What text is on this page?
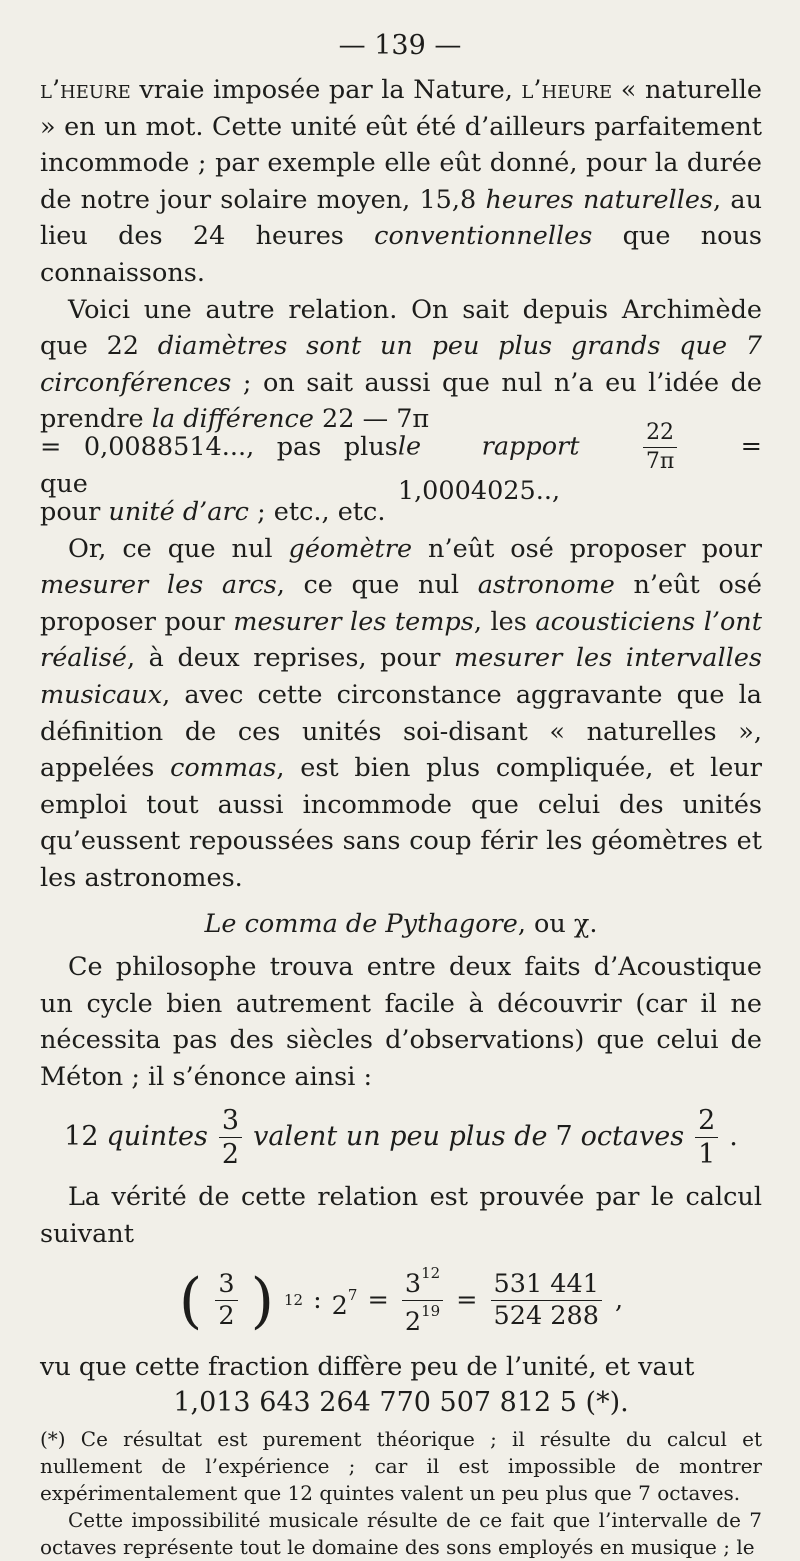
— 139 —

l’heure vraie imposée par la Nature, l’heure « naturelle » en un mot. Cette unité eût été d’ailleurs parfaitement incommode ; par exemple elle eût donné, pour la durée de notre jour solaire moyen, 15,8 heures naturelles, au lieu des 24 heures conventionnelles que nous connaissons.

Voici une autre relation. On sait depuis Archimède que 22 diamètres sont un peu plus grands que 7 circonférences ; on sait aussi que nul n’a eu l’idée de prendre la différence 22 — 7π

= 0,0088514..., pas plus que
le rapport	$\frac{22}{7\pi} = 1,0004025$..,

pour unité d’arc ; etc., etc.

Or, ce que nul géomètre n’eût osé proposer pour mesurer les arcs, ce que nul astronome n’eût osé proposer pour mesurer les temps, les acousticiens l’ont réalisé, à deux reprises, pour mesurer les intervalles musicaux, avec cette circonstance aggravante que la définition de ces unités soi-disant « naturelles », appelées commas, est bien plus compliquée, et leur emploi tout aussi incommode que celui des unités qu’eussent repoussées sans coup férir les géomètres et les astronomes.

Le comma de Pythagore, ou χ.

Ce philosophe trouva entre deux faits d’Acoustique un cycle bien autrement facile à découvrir (car il ne nécessita pas des siècles d’observations) que celui de Méton ; il s’énonce ainsi :

12 quintes $\frac{3}{2}$ valent un peu plus de 7 octaves $\frac{2}{1}$ .

La vérité de cette relation est prouvée par le calcul suivant

( $\frac{3}{2}$ ) 12 : $2^7 = \frac{3^{12}}{2^{19}} = \frac{531 441}{524 288}$ ,

vu que cette fraction diffère peu de l’unité, et vaut

1,013 643 264 770 507 812 5 (*).

(*) Ce résultat est purement théorique ; il résulte du calcul et nullement de l’expérience ; car il est impossible de montrer expérimentalement que 12 quintes valent un peu plus que 7 octaves.

Cette impossibilité musicale résulte de ce fait que l’intervalle de 7 octaves représente tout le domaine des sons employés en musique ; le
